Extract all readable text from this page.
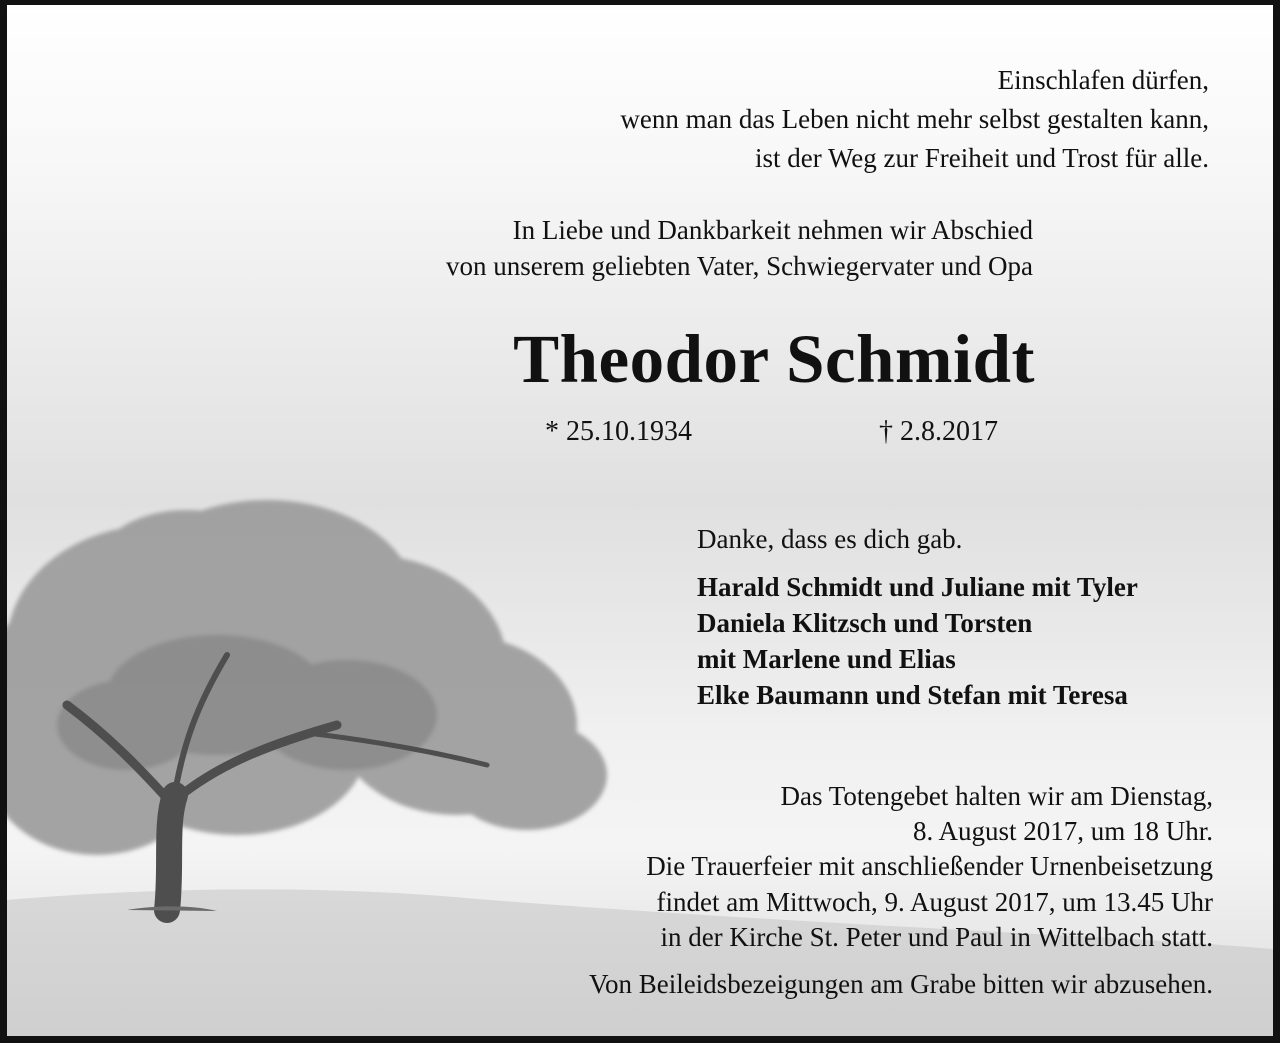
Einschlafen dürfen,
wenn man das Leben nicht mehr selbst gestalten kann,
ist der Weg zur Freiheit und Trost für alle.
In Liebe und Dankbarkeit nehmen wir Abschied
von unserem geliebten Vater, Schwiegervater und Opa
Theodor Schmidt
* 25.10.1934	† 2.8.2017
Danke, dass es dich gab.
Harald Schmidt und Juliane mit Tyler
Daniela Klitzsch und Torsten
mit Marlene und Elias
Elke Baumann und Stefan mit Teresa
Das Totengebet halten wir am Dienstag,
8. August 2017, um 18 Uhr.
Die Trauerfeier mit anschließender Urnenbeisetzung
findet am Mittwoch, 9. August 2017, um 13.45 Uhr
in der Kirche St. Peter und Paul in Wittelbach statt.
Von Beileidsbezeigungen am Grabe bitten wir abzusehen.
